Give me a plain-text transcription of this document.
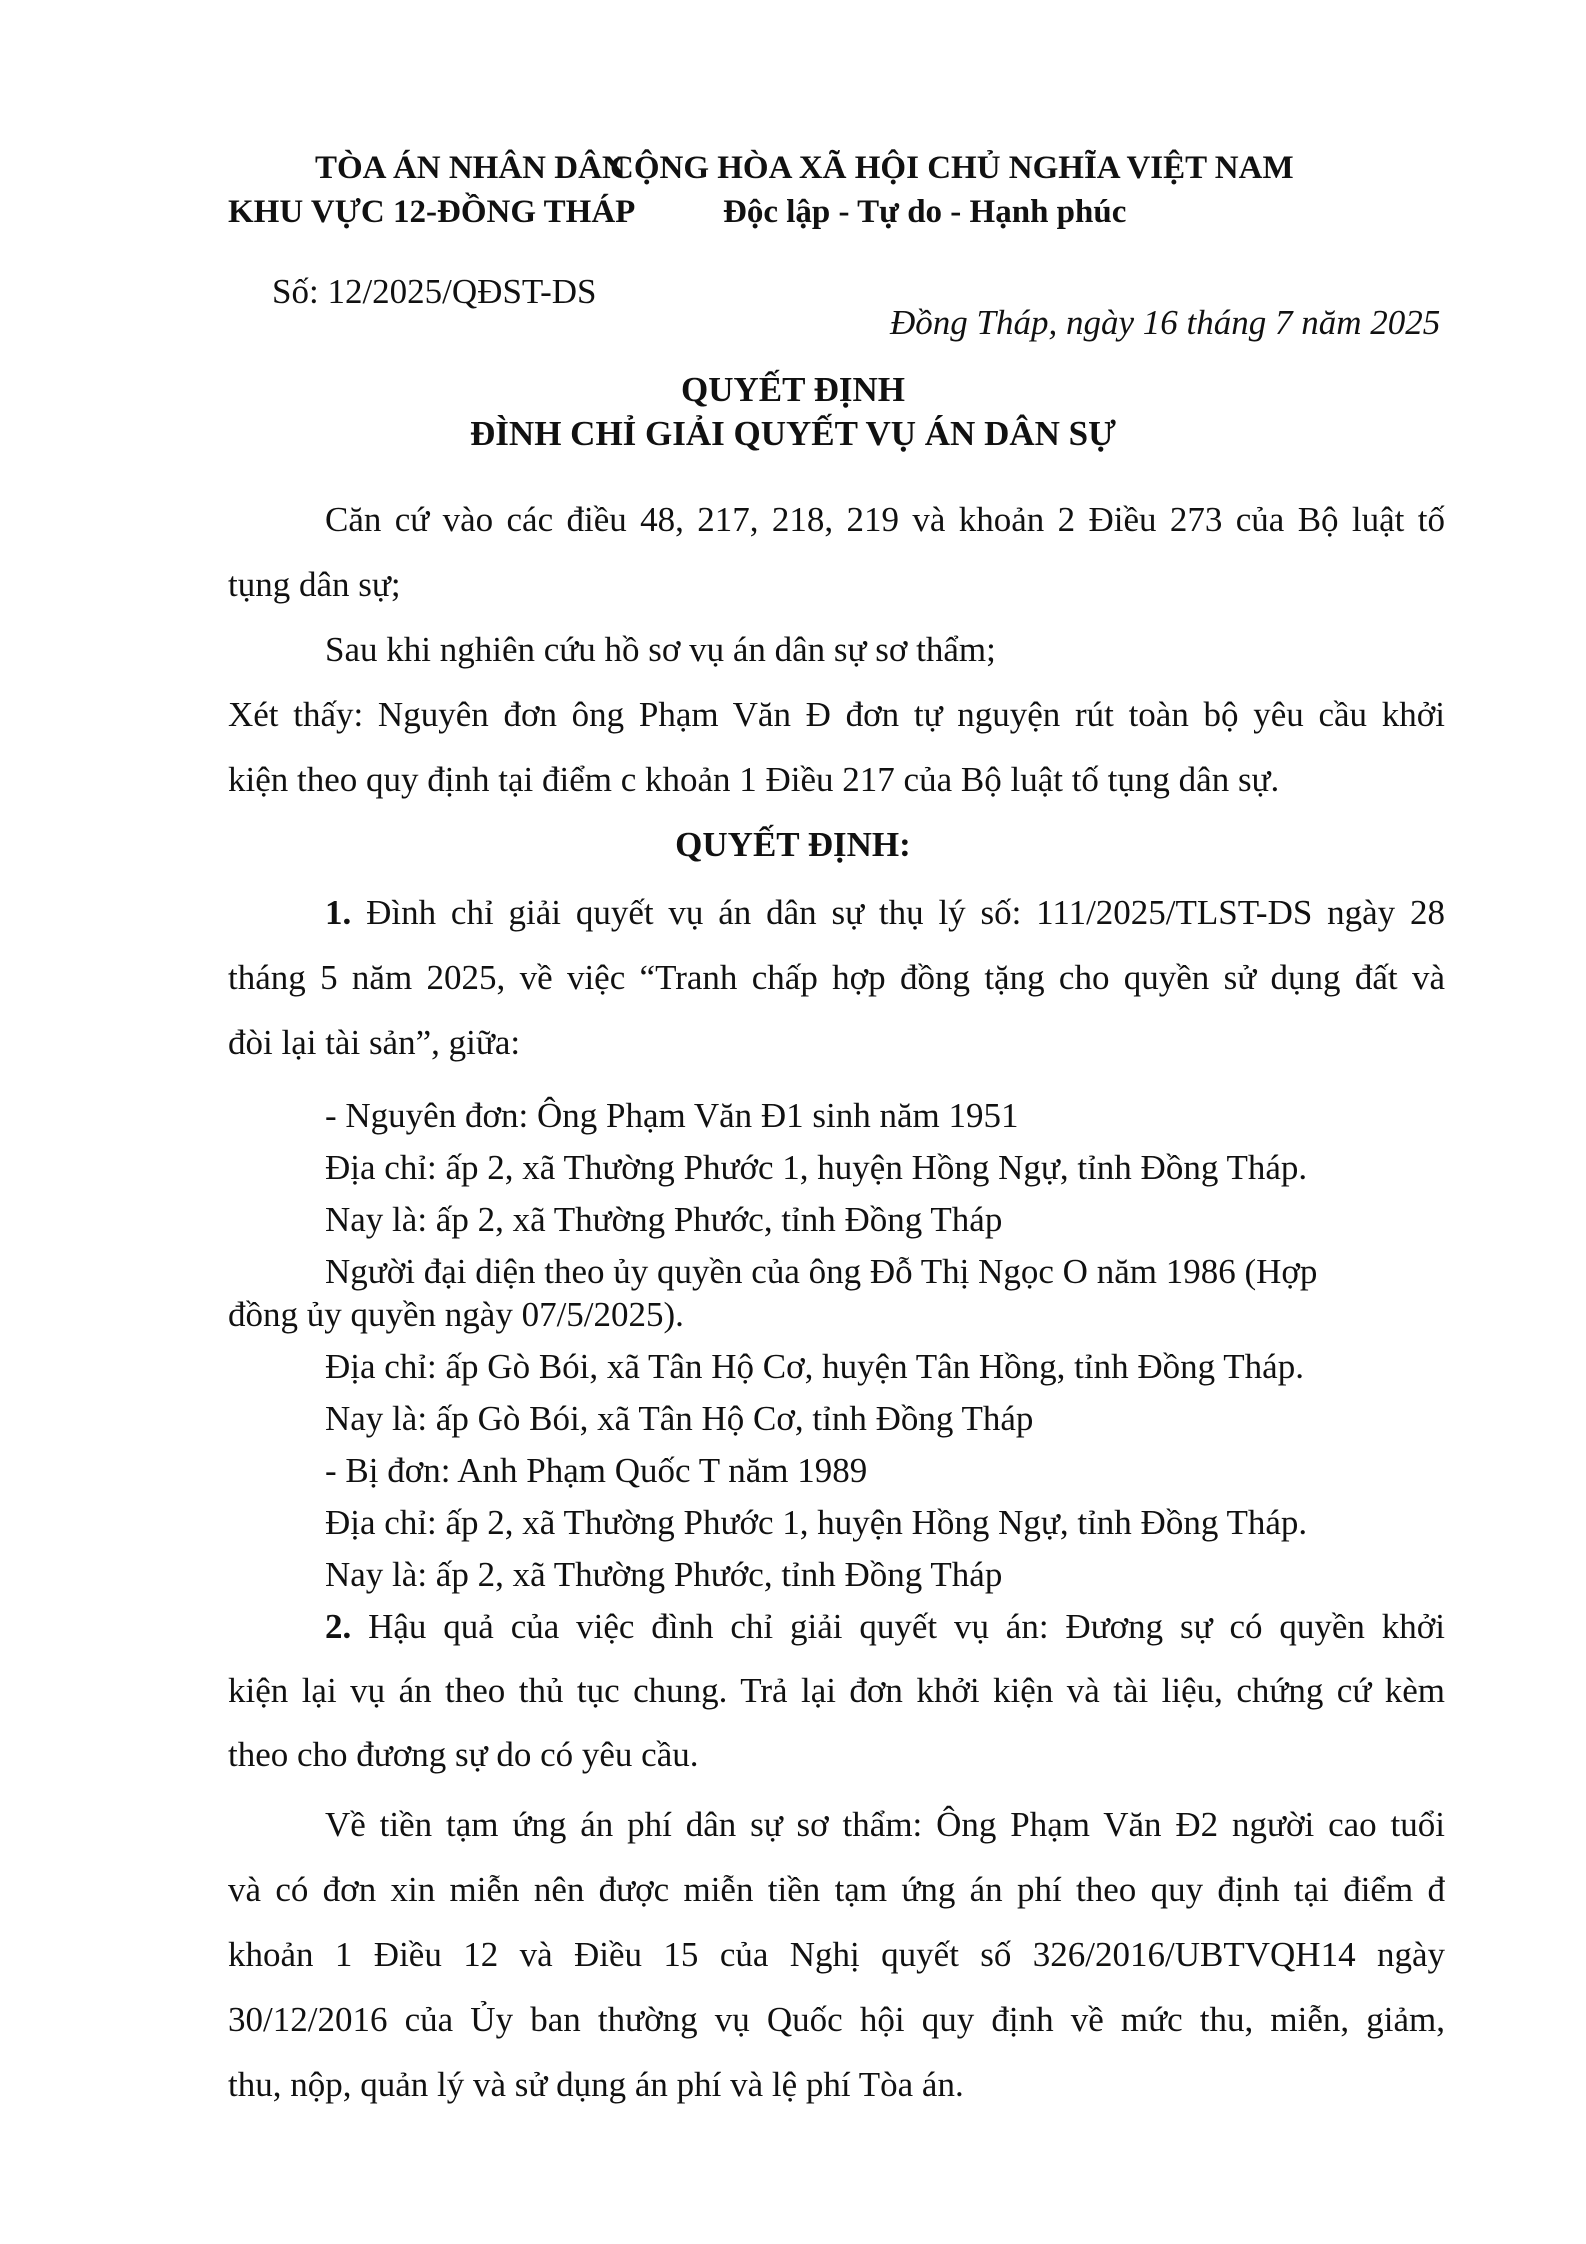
TÒA ÁN NHÂN DÂN
CỘNG HÒA XÃ HỘI CHỦ NGHĨA VIỆT NAM
KHU VỰC 12-ĐỒNG THÁP	Độc lập - Tự do - Hạnh phúc
Số: 12/2025/QĐST-DS
Đồng Tháp, ngày 16 tháng 7 năm 2025
QUYẾT ĐỊNH
ĐÌNH CHỈ GIẢI QUYẾT VỤ ÁN DÂN SỰ
Căn cứ vào các điều 48, 217, 218, 219 và khoản 2 Điều 273 của Bộ luật tố
tụng dân sự;
Sau khi nghiên cứu hồ sơ vụ án dân sự sơ thẩm;
Xét thấy: Nguyên đơn ông Phạm Văn Đ đơn tự nguyện rút toàn bộ yêu cầu khởi
kiện theo quy định tại điểm c khoản 1 Điều 217 của Bộ luật tố tụng dân sự.
QUYẾT ĐỊNH:
1. Đình chỉ giải quyết vụ án dân sự thụ lý số: 111/2025/TLST-DS ngày 28
tháng 5 năm 2025, về việc “Tranh chấp hợp đồng tặng cho quyền sử dụng đất và
đòi lại tài sản”, giữa:
- Nguyên đơn: Ông Phạm Văn Đ1 sinh năm 1951
Địa chỉ: ấp 2, xã Thường Phước 1, huyện Hồng Ngự, tỉnh Đồng Tháp.
Nay là: ấp 2, xã Thường Phước, tỉnh Đồng Tháp
Người đại diện theo ủy quyền của ông Đỗ Thị Ngọc O năm 1986 (Hợp
đồng ủy quyền ngày 07/5/2025).
Địa chỉ: ấp Gò Bói, xã Tân Hộ Cơ, huyện Tân Hồng, tỉnh Đồng Tháp.
Nay là: ấp Gò Bói, xã Tân Hộ Cơ, tỉnh Đồng Tháp
- Bị đơn: Anh Phạm Quốc T năm 1989
Địa chỉ: ấp 2, xã Thường Phước 1, huyện Hồng Ngự, tỉnh Đồng Tháp.
Nay là: ấp 2, xã Thường Phước, tỉnh Đồng Tháp
2. Hậu quả của việc đình chỉ giải quyết vụ án: Đương sự có quyền khởi
kiện lại vụ án theo thủ tục chung. Trả lại đơn khởi kiện và tài liệu, chứng cứ kèm
theo cho đương sự do có yêu cầu.
Về tiền tạm ứng án phí dân sự sơ thẩm: Ông Phạm Văn Đ2 người cao tuổi
và có đơn xin miễn nên được miễn tiền tạm ứng án phí theo quy định tại điểm đ
khoản 1 Điều 12 và Điều 15 của Nghị quyết số 326/2016/UBTVQH14 ngày
30/12/2016 của Ủy ban thường vụ Quốc hội quy định về mức thu, miễn, giảm,
thu, nộp, quản lý và sử dụng án phí và lệ phí Tòa án.
